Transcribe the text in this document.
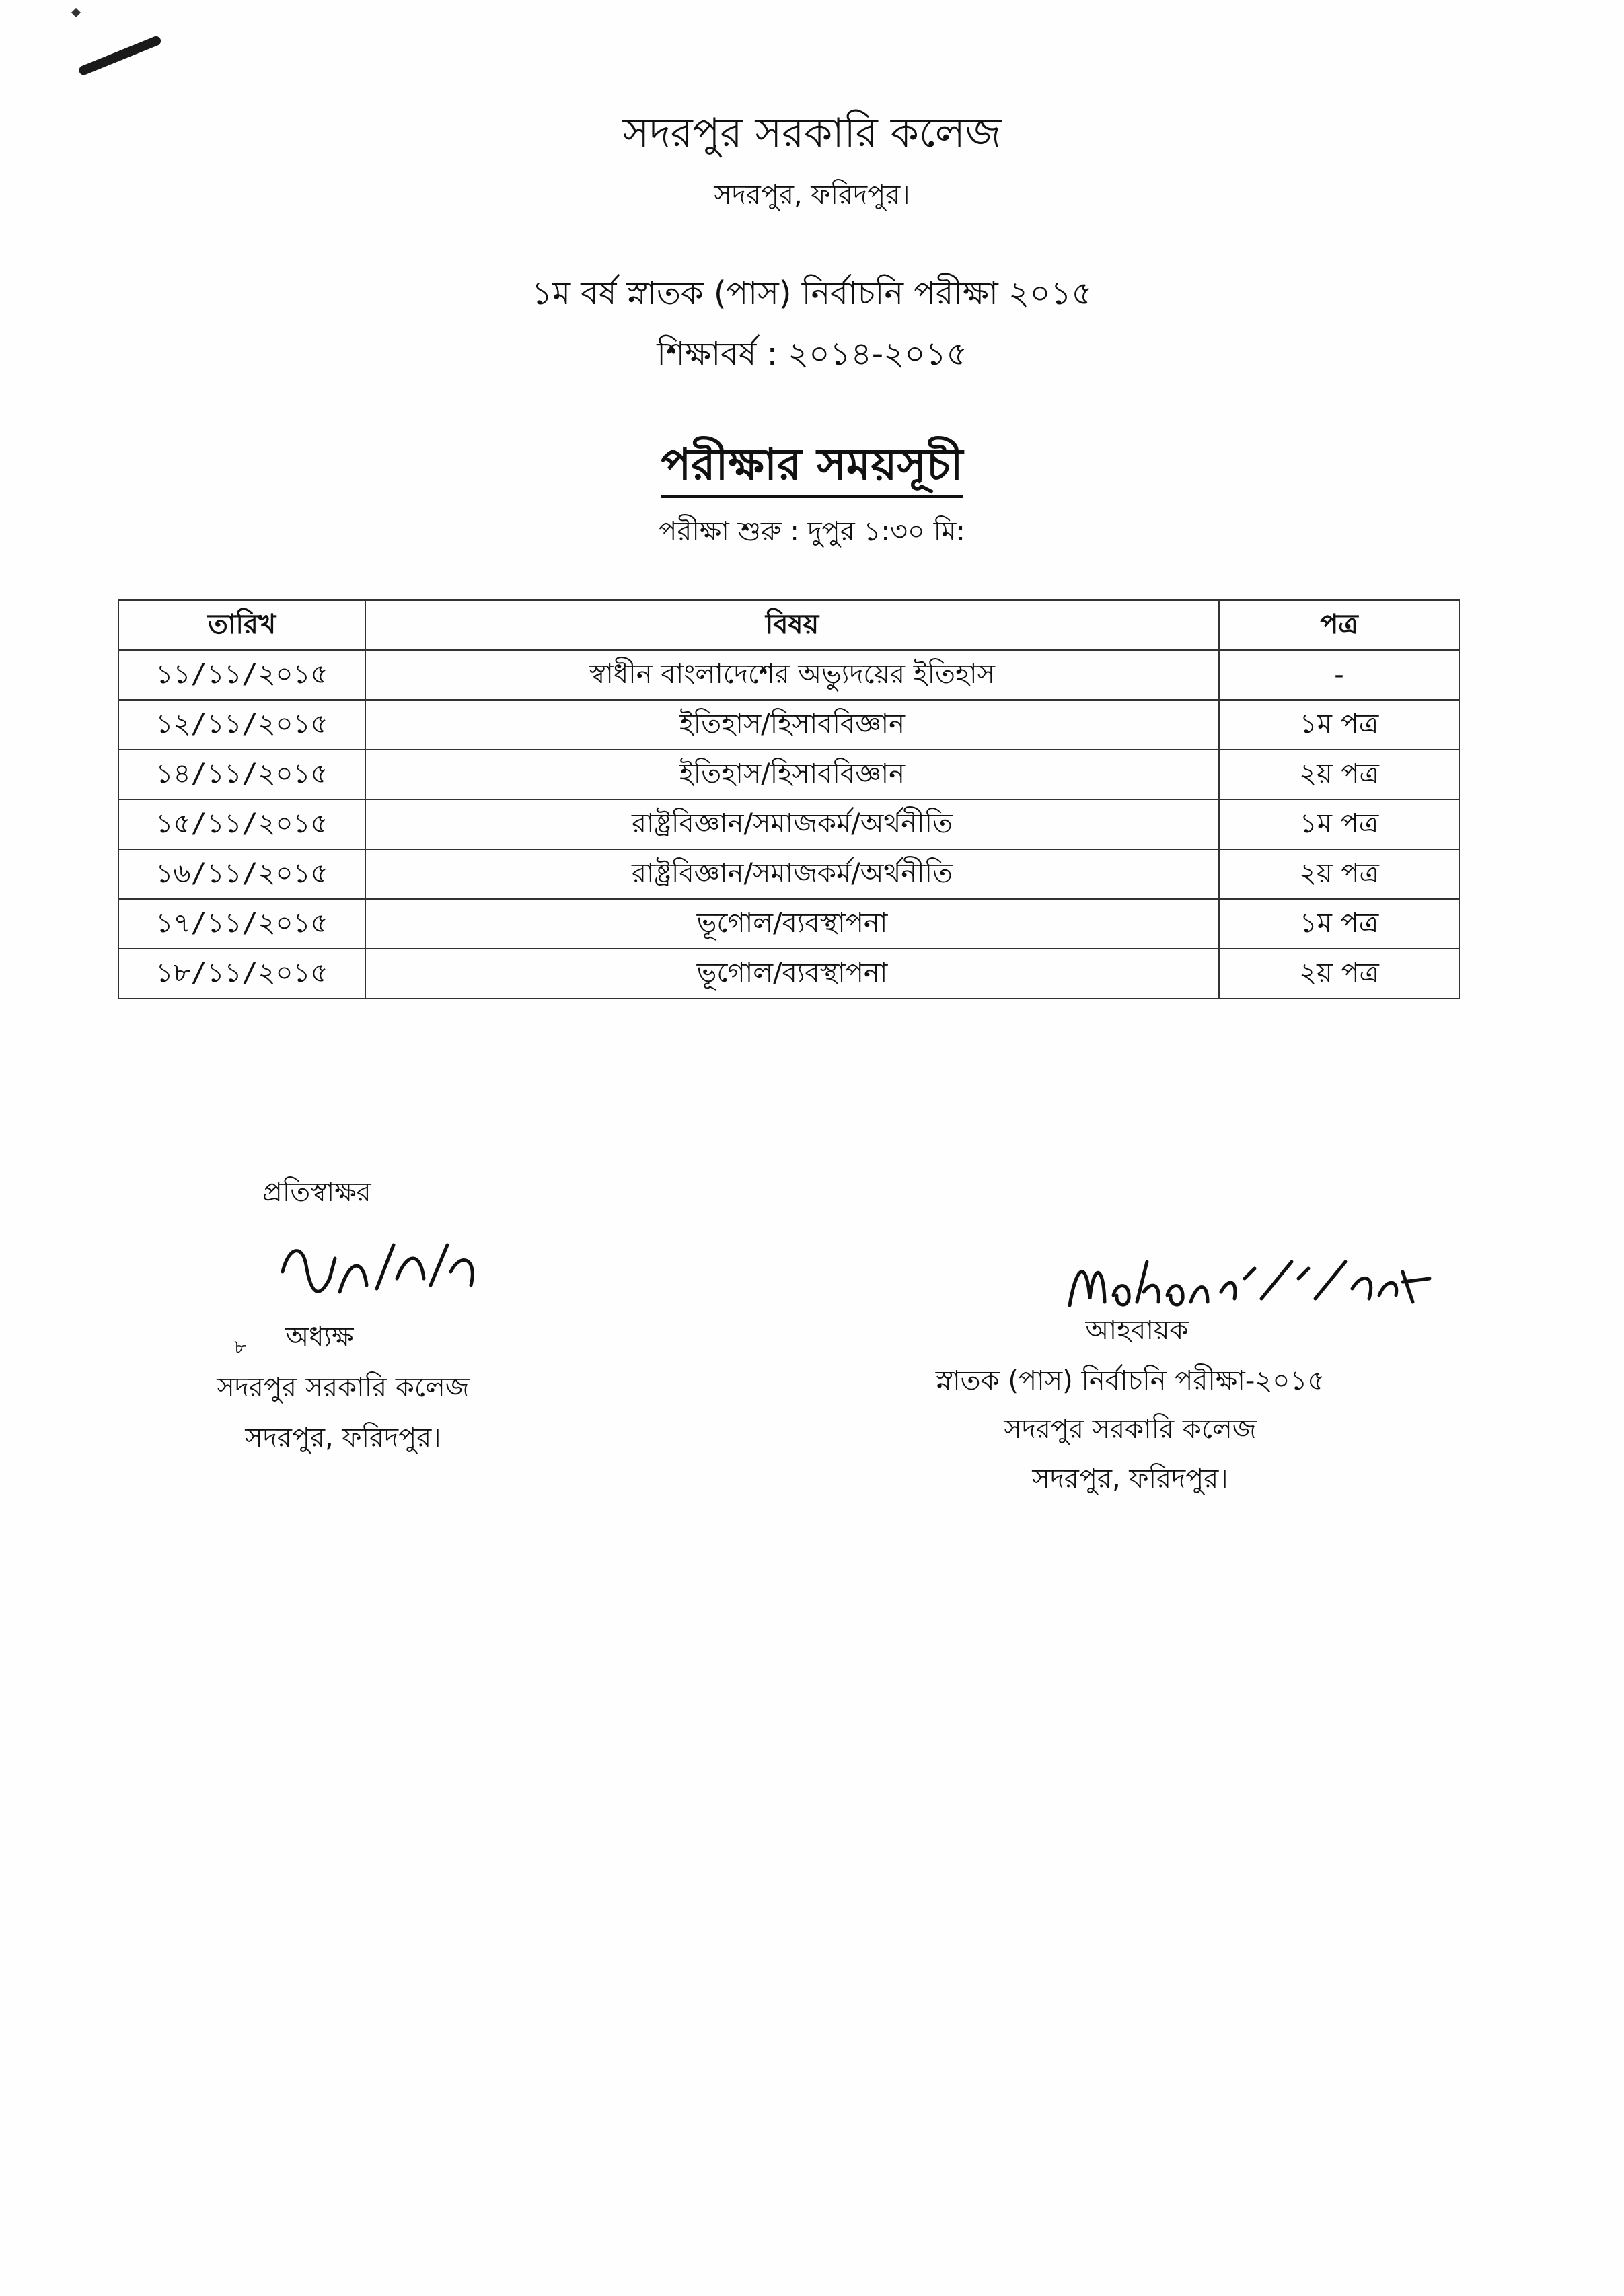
সদরপুর সরকারি কলেজ
সদরপুর, ফরিদপুর।
১ম বর্ষ স্নাতক (পাস) নির্বাচনি পরীক্ষা ২০১৫
শিক্ষাবর্ষ : ২০১৪-২০১৫
পরীক্ষার সময়সূচী
পরীক্ষা শুরু : দুপুর ১:৩০ মি:
তারিখ	বিষয়	পত্র
১১/১১/২০১৫	স্বাধীন বাংলাদেশের অভ্যুদয়ের ইতিহাস	-
১২/১১/২০১৫	ইতিহাস/হিসাববিজ্ঞান	১ম পত্র
১৪/১১/২০১৫	ইতিহাস/হিসাববিজ্ঞান	২য় পত্র
১৫/১১/২০১৫	রাষ্ট্রবিজ্ঞান/সমাজকর্ম/অর্থনীতি	১ম পত্র
১৬/১১/২০১৫	রাষ্ট্রবিজ্ঞান/সমাজকর্ম/অর্থনীতি	২য় পত্র
১৭/১১/২০১৫	ভূগোল/ব্যবস্থাপনা	১ম পত্র
১৮/১১/২০১৫	ভূগোল/ব্যবস্থাপনা	২য় পত্র
প্রতিস্বাক্ষর
৮	অধ্যক্ষ
সদরপুর সরকারি কলেজ
সদরপুর, ফরিদপুর।
আহবায়ক
স্নাতক (পাস) নির্বাচনি পরীক্ষা-২০১৫
সদরপুর সরকারি কলেজ
সদরপুর, ফরিদপুর।
